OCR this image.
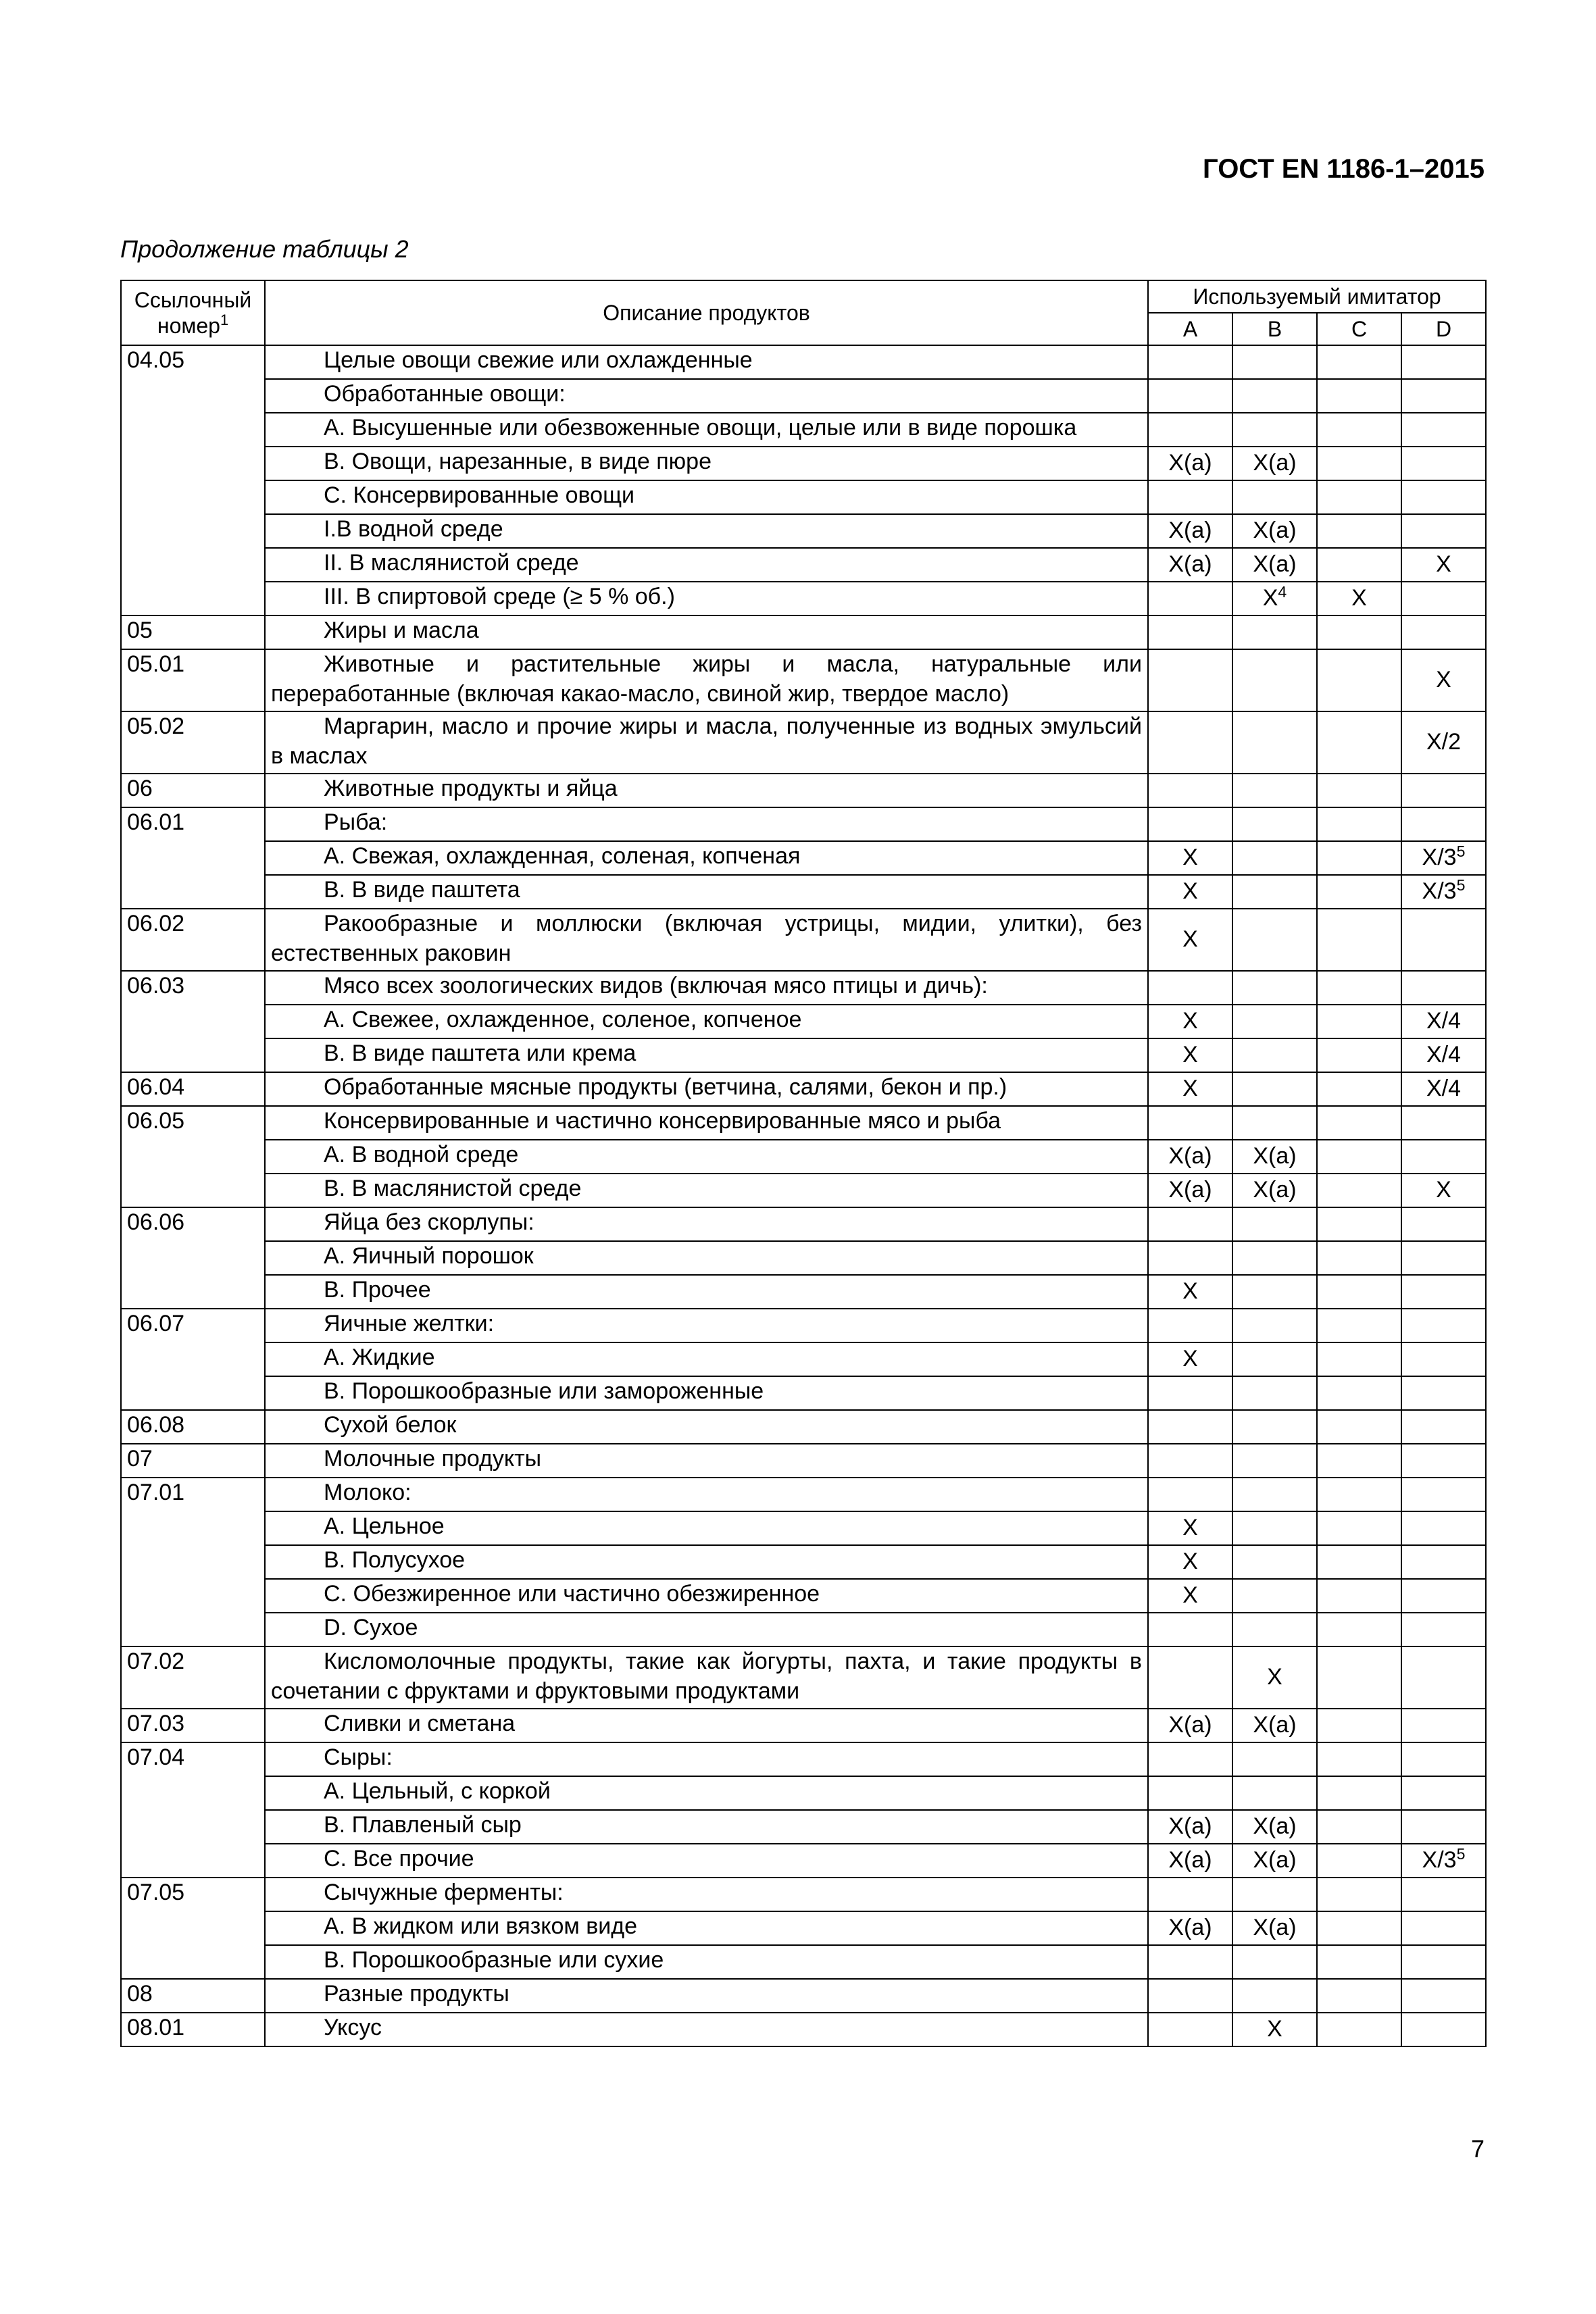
ГОСТ EN 1186-1–2015
Продолжение таблицы 2
Ссылочный номер$^1$	Описание продуктов	Используемый имитатор			
		A	B	C	D
04.05	Целые овощи свежие или охлажденные				
	Обработанные овощи:				
	A. Высушенные или обезвоженные овощи, целые или в виде порошка				
	B. Овощи, нарезанные, в виде пюре	X(a)	X(a)		
	C. Консервированные овощи				
	I.В водной среде	X(a)	X(a)		
	II. В маслянистой среде	X(a)	X(a)		X
	III. В спиртовой среде (≥ 5 % об.)		$X^4$	X	
05	Жиры и масла				
05.01	Животные и растительные жиры и масла, натуральные или переработанные (включая какао-масло, свиной жир, твердое масло)				X
05.02	Маргарин, масло и прочие жиры и масла, полученные из водных эмульсий в маслах				X/2
06	Животные продукты и яйца				
06.01	Рыба:				
	A. Свежая, охлажденная, соленая, копченая	X			$X/3^5$
	B. В виде паштета	X			$X/3^5$
06.02	Ракообразные и моллюски (включая устрицы, мидии, улитки), без естественных раковин	X			
06.03	Мясо всех зоологических видов (включая мясо птицы и дичь):				
	A. Свежее, охлажденное, соленое, копченое	X			X/4
	B. В виде паштета или крема	X			X/4
06.04	Обработанные мясные продукты (ветчина, салями, бекон и пр.)	X			X/4
06.05	Консервированные и частично консервированные мясо и рыба				
	A. В водной среде	X(a)	X(a)		
	B. В маслянистой среде	X(a)	X(a)		X
06.06	Яйца без скорлупы:				
	A. Яичный порошок				
	B. Прочее	X			
06.07	Яичные желтки:				
	A. Жидкие	X			
	B. Порошкообразные или замороженные				
06.08	Сухой белок				
07	Молочные продукты				
07.01	Молоко:				
	A. Цельное	X			
	B. Полусухое	X			
	C. Обезжиренное или частично обезжиренное	X			
	D. Сухое				
07.02	Кисломолочные продукты, такие как йогурты, пахта, и такие продукты в сочетании с фруктами и фруктовыми продуктами		X		
07.03	Сливки и сметана	X(a)	X(a)		
07.04	Сыры:				
	A. Цельный, с коркой				
	B. Плавленый сыр	X(a)	X(a)		
	C. Все прочие	X(a)	X(a)		$X/3^5$
07.05	Сычужные ферменты:				
	A. В жидком или вязком виде	X(a)	X(a)		
	B. Порошкообразные или сухие				
08	Разные продукты				
08.01	Уксус		X		
7
